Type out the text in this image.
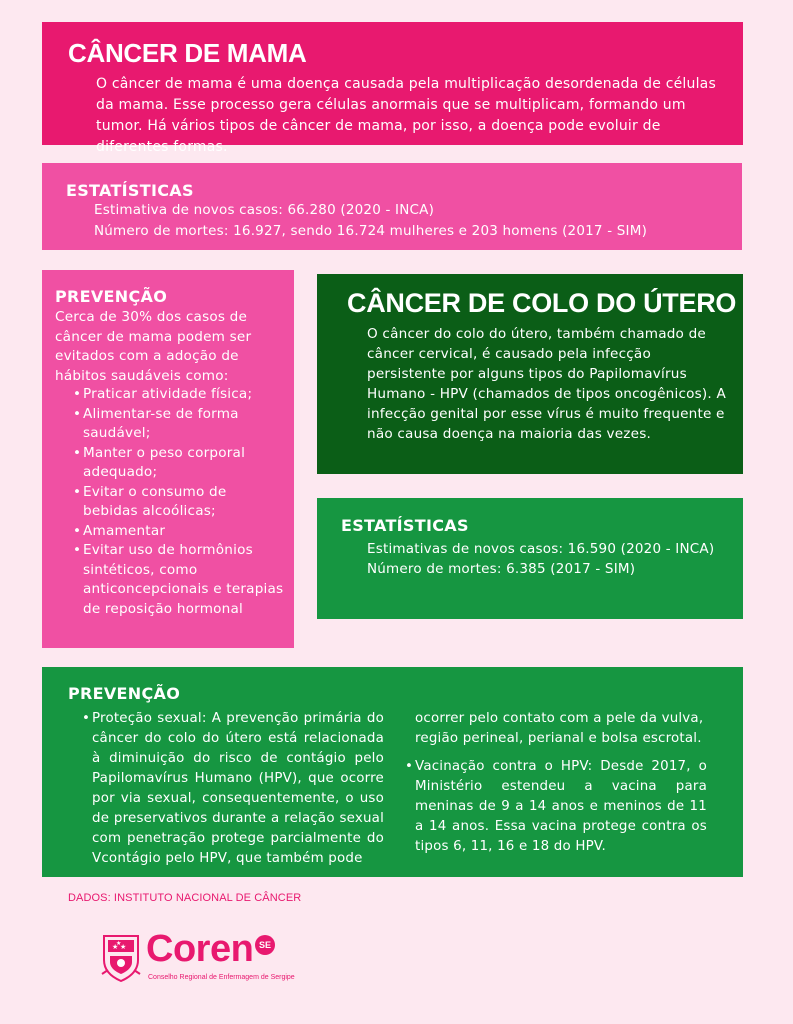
CÂNCER DE MAMA

O câncer de mama é uma doença causada pela multiplicação desordenada de células da mama. Esse processo gera células anormais que se multiplicam, formando um tumor. Há vários tipos de câncer de mama, por isso, a doença pode evoluir de diferentes formas.

ESTATÍSTICAS
Estimativa de novos casos: 66.280 (2020 - INCA)
Número de mortes: 16.927, sendo 16.724 mulheres e 203 homens (2017 - SIM)
PREVENÇÃO

Cerca de 30% dos casos de câncer de mama podem ser evitados com a adoção de hábitos saudáveis como:

• Praticar atividade física;
• Alimentar-se de forma saudável;
• Manter o peso corporal adequado;
• Evitar o consumo de bebidas alcoólicas;
• Amamentar
• Evitar uso de hormônios sintéticos, como anticoncepcionais e terapias de reposição hormonal
CÂNCER DE COLO DO ÚTERO

O câncer do colo do útero, também chamado de câncer cervical, é causado pela infecção persistente por alguns tipos do Papilomavírus Humano - HPV (chamados de tipos oncogênicos). A infecção genital por esse vírus é muito frequente e não causa doença na maioria das vezes.

ESTATÍSTICAS
Estimativas de novos casos: 16.590 (2020 - INCA)
Número de mortes: 6.385 (2017 - SIM)
PREVENÇÃO
• Proteção sexual: A prevenção primária do câncer do colo do útero está relacionada à diminuição do risco de contágio pelo Papilomavírus Humano (HPV), que ocorre por via sexual, consequentemente, o uso de preservativos durante a relação sexual com penetração protege parcialmente do Vcontágio pelo HPV, que também pode
ocorrer pelo contato com a pele da vulva, região perineal, perianal e bolsa escrotal.
• Vacinação contra o HPV: Desde 2017, o Ministério estendeu a vacina para meninas de 9 a 14 anos e meninos de 11 a 14 anos. Essa vacina protege contra os tipos 6, 11, 16 e 18 do HPV.
DADOS: INSTITUTO NACIONAL DE CÂNCER
★ ★
★ Coren SE
Conselho Regional de Enfermagem de Sergipe
